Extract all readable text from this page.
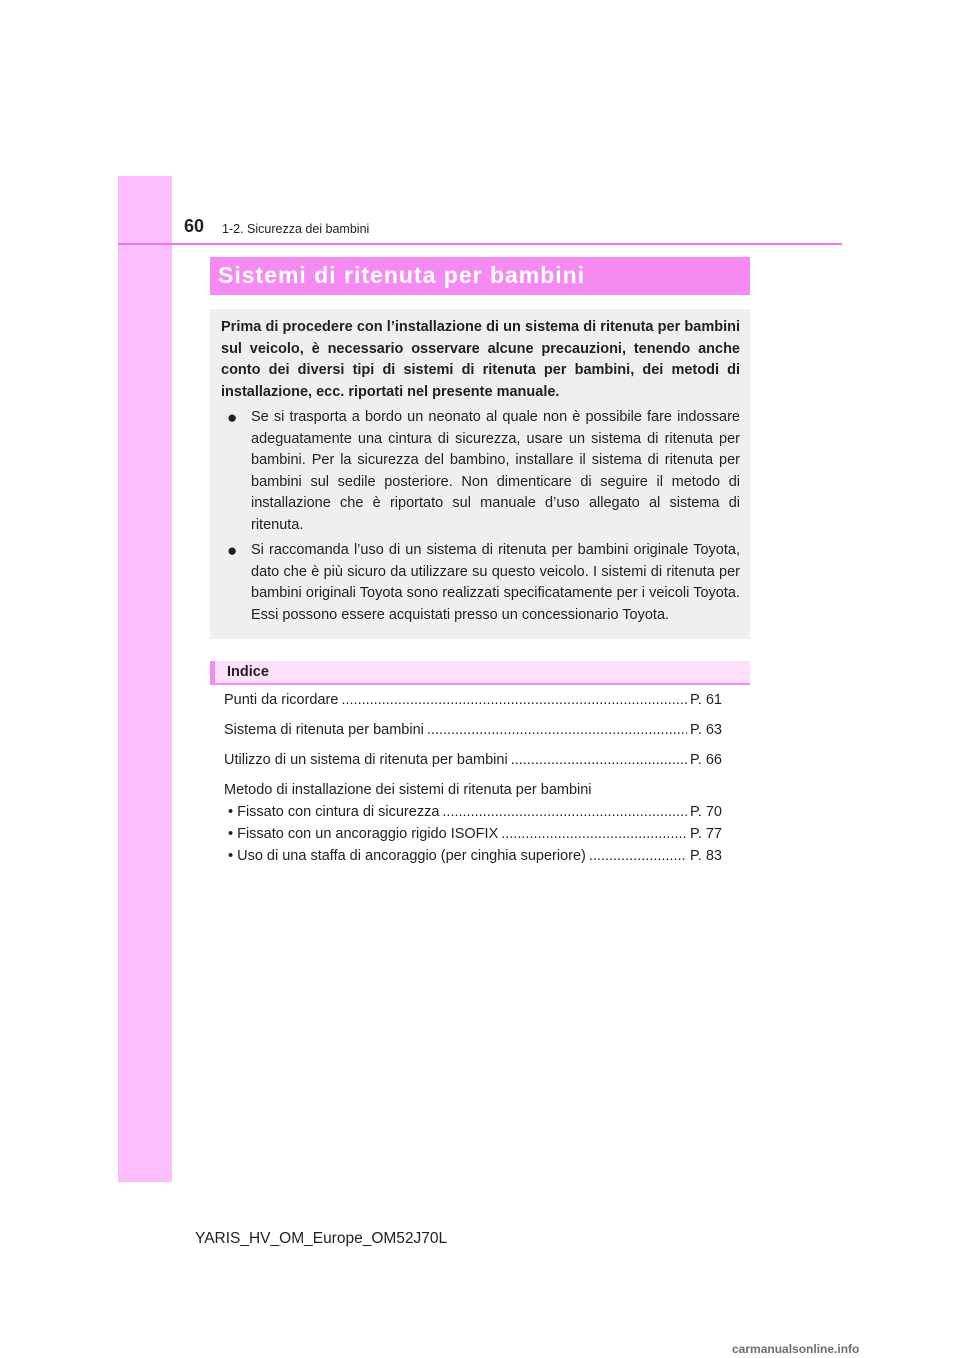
60 1-2. Sicurezza dei bambini
Sistemi di ritenuta per bambini

Prima di procedere con l’installazione di un sistema di ritenuta per bambini sul veicolo, è necessario osservare alcune precauzioni, tenendo anche conto dei diversi tipi di sistemi di ritenuta per bambini, dei metodi di installazione, ecc. riportati nel presente manuale.

● Se si trasporta a bordo un neonato al quale non è possibile fare indossare adeguatamente una cintura di sicurezza, usare un sistema di ritenuta per bambini. Per la sicurezza del bambino, installare il sistema di ritenuta per bambini sul sedile posteriore. Non dimenticare di seguire il metodo di installazione che è riportato sul manuale d’uso allegato al sistema di ritenuta.

● Si raccomanda l’uso di un sistema di ritenuta per bambini originale Toyota, dato che è più sicuro da utilizzare su questo veicolo. I sistemi di ritenuta per bambini originali Toyota sono realizzati specificatamente per i veicoli Toyota. Essi possono essere acquistati presso un concessionario Toyota.

Indice
Punti da ricordare .....	P. 61
Sistema di ritenuta per bambini .....	P. 63
Utilizzo di un sistema di ritenuta per bambini .....	P. 66
Metodo di installazione dei sistemi di ritenuta per bambini
• Fissato con cintura di sicurezza .....	P. 70
• Fissato con un ancoraggio rigido ISOFIX .....	P. 77
• Uso di una staffa di ancoraggio (per cinghia superiore) .....	P. 83
YARIS_HV_OM_Europe_OM52J70L
carmanualsonline.info
